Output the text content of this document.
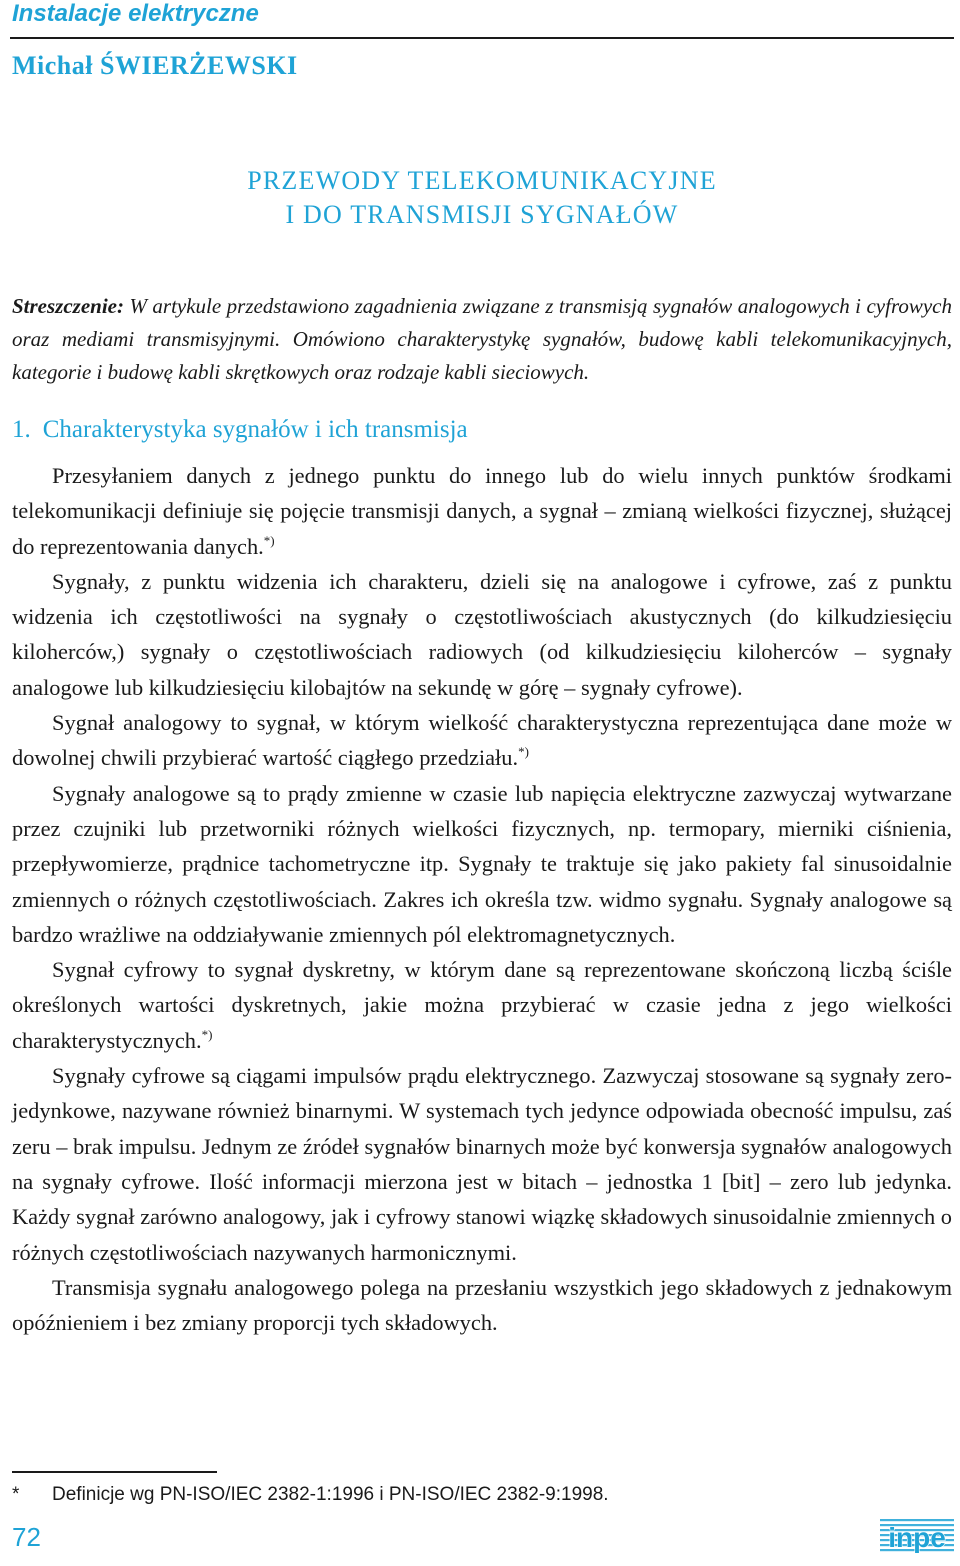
Instalacje elektryczne
Michał ŚWIERŻEWSKI
PRZEWODY TELEKOMUNIKACYJNE
I DO TRANSMISJI SYGNAŁÓW

Streszczenie: W artykule przedstawiono zagadnienia związane z transmisją sygnałów analogowych i cyfrowych oraz mediami transmisyjnymi. Omówiono charakterystykę sygnałów, budowę kabli telekomunikacyjnych, kategorie i budowę kabli skrętkowych oraz rodzaje kabli sieciowych.

1. Charakterystyka sygnałów i ich transmisja

Przesyłaniem danych z jednego punktu do innego lub do wielu innych punktów środkami telekomunikacji definiuje się pojęcie transmisji danych, a sygnał – zmianą wielkości fizycznej, służącej do reprezentowania danych.*)

Sygnały, z punktu widzenia ich charakteru, dzieli się na analogowe i cyfrowe, zaś z punktu widzenia ich częstotliwości na sygnały o częstotliwościach akustycznych (do kilkudziesięciu kiloherców,) sygnały o częstotliwościach radiowych (od kilkudziesięciu kiloherców – sygnały analogowe lub kilkudziesięciu kilobajtów na sekundę w górę – sygnały cyfrowe).

Sygnał analogowy to sygnał, w którym wielkość charakterystyczna reprezentująca dane może w dowolnej chwili przybierać wartość ciągłego przedziału.*)

Sygnały analogowe są to prądy zmienne w czasie lub napięcia elektryczne zazwyczaj wytwarzane przez czujniki lub przetworniki różnych wielkości fizycznych, np. termopary, mierniki ciśnienia, przepływomierze, prądnice tachometryczne itp. Sygnały te traktuje się jako pakiety fal sinusoidalnie zmiennych o różnych częstotliwościach. Zakres ich określa tzw. widmo sygnału. Sygnały analogowe są bardzo wrażliwe na oddziaływanie zmiennych pól elektromagnetycznych.

Sygnał cyfrowy to sygnał dyskretny, w którym dane są reprezentowane skończoną liczbą ściśle określonych wartości dyskretnych, jakie można przybierać w czasie jedna z jego wielkości charakterystycznych.*)

Sygnały cyfrowe są ciągami impulsów prądu elektrycznego. Zazwyczaj stosowane są sygnały zero-jedynkowe, nazywane również binarnymi. W systemach tych jedynce odpowiada obecność impulsu, zaś zeru – brak impulsu. Jednym ze źródeł sygnałów binarnych może być konwersja sygnałów analogowych na sygnały cyfrowe. Ilość informacji mierzona jest w bitach – jednostka 1 [bit] – zero lub jedynka. Każdy sygnał zarówno analogowy, jak i cyfrowy stanowi wiązkę składowych sinusoidalnie zmiennych o różnych częstotliwościach nazywanych harmonicznymi.

Transmisja sygnału analogowego polega na przesłaniu wszystkich jego składowych z jednakowym opóźnieniem i bez zmiany proporcji tych składowych.

* Definicje wg PN-ISO/IEC 2382-1:1996 i PN-ISO/IEC 2382-9:1998.

72	inpe
